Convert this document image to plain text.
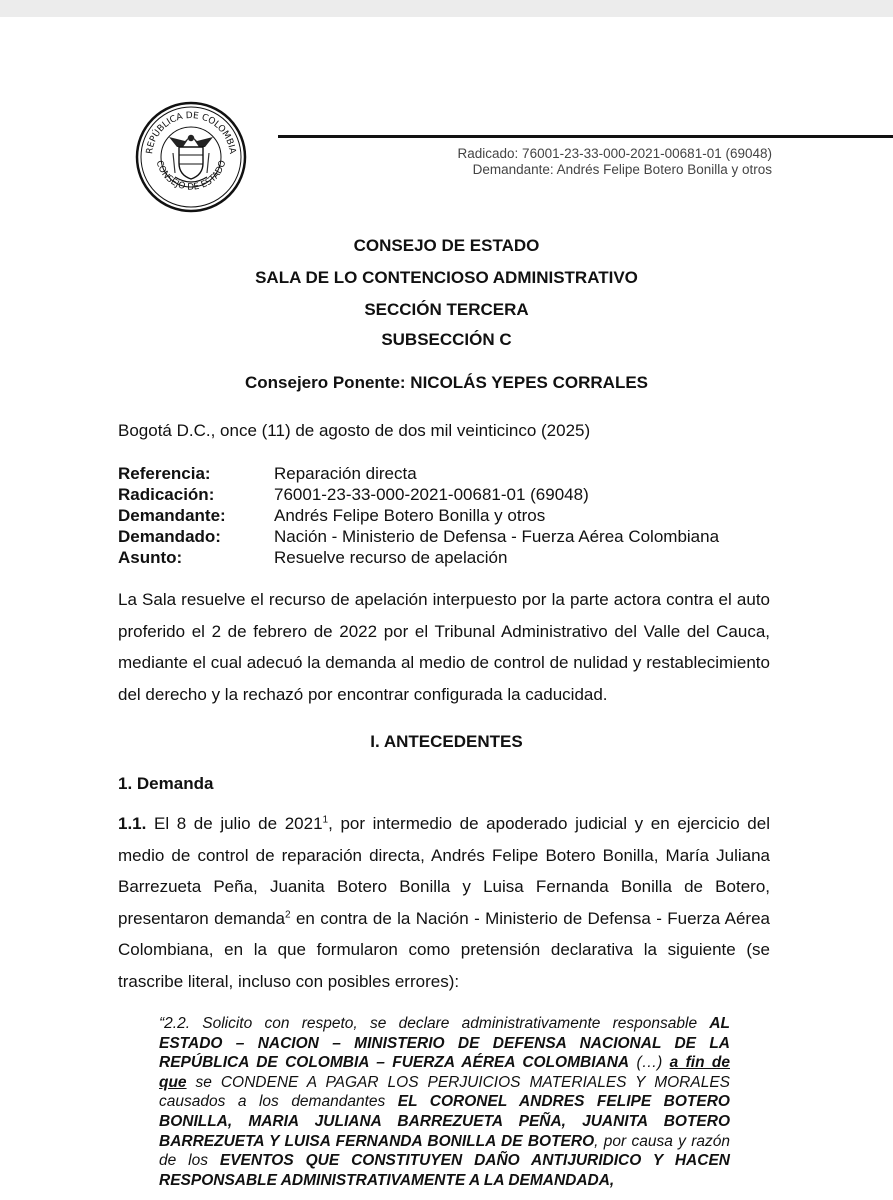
REPÚBLICA DE COLOMBIA
CONSEJO DE ESTADO
Radicado: 76001-23-33-000-2021-00681-01 (69048)
Demandante: Andrés Felipe Botero Bonilla y otros
CONSEJO DE ESTADO
SALA DE LO CONTENCIOSO ADMINISTRATIVO
SECCIÓN TERCERA
SUBSECCIÓN C
Consejero Ponente: NICOLÁS YEPES CORRALES
Bogotá D.C., once (11) de agosto de dos mil veinticinco (2025)
Referencia:	Reparación directa
Radicación:	76001-23-33-000-2021-00681-01 (69048)
Demandante:	Andrés Felipe Botero Bonilla y otros
Demandado:	Nación - Ministerio de Defensa - Fuerza Aérea Colombiana
Asunto:	Resuelve recurso de apelación
La Sala resuelve el recurso de apelación interpuesto por la parte actora contra el auto proferido el 2 de febrero de 2022 por el Tribunal Administrativo del Valle del Cauca, mediante el cual adecuó la demanda al medio de control de nulidad y restablecimiento del derecho y la rechazó por encontrar configurada la caducidad.
I. ANTECEDENTES
1. Demanda
1.1. El 8 de julio de 2021$^1$, por intermedio de apoderado judicial y en ejercicio del medio de control de reparación directa, Andrés Felipe Botero Bonilla, María Juliana Barrezueta Peña, Juanita Botero Bonilla y Luisa Fernanda Bonilla de Botero, presentaron demanda$^2$ en contra de la Nación - Ministerio de Defensa - Fuerza Aérea Colombiana, en la que formularon como pretensión declarativa la siguiente (se trascribe literal, incluso con posibles errores):
“2.2. Solicito con respeto, se declare administrativamente responsable AL ESTADO – NACION – MINISTERIO DE DEFENSA NACIONAL DE LA REPÚBLICA DE COLOMBIA – FUERZA AÉREA COLOMBIANA (…) a fin de que se CONDENE A PAGAR LOS PERJUICIOS MATERIALES Y MORALES causados a los demandantes EL CORONEL ANDRES FELIPE BOTERO BONILLA, MARIA JULIANA BARREZUETA PEÑA, JUANITA BOTERO BARREZUETA Y LUISA FERNANDA BONILLA DE BOTERO, por causa y razón de los EVENTOS QUE CONSTITUYEN DAÑO ANTIJURIDICO Y HACEN RESPONSABLE ADMINISTRATIVAMENTE A LA DEMANDADA,
